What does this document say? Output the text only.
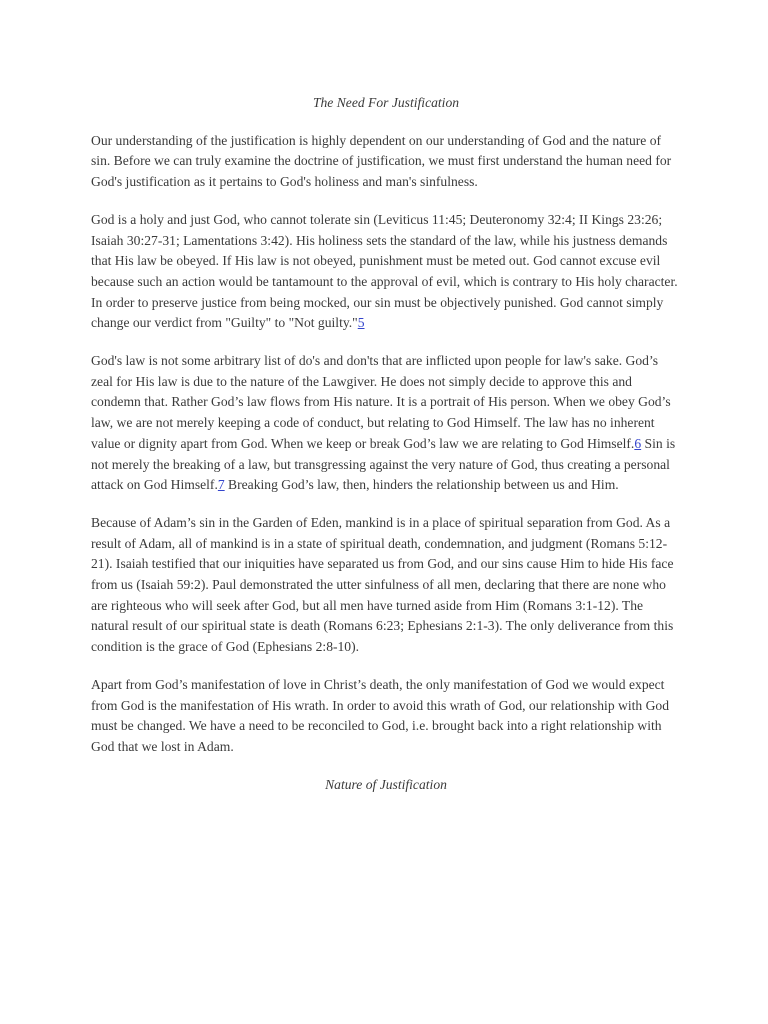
The Need For Justification

Our understanding of the justification is highly dependent on our understanding of God and the nature of sin. Before we can truly examine the doctrine of justification, we must first understand the human need for God's justification as it pertains to God's holiness and man's sinfulness.

God is a holy and just God, who cannot tolerate sin (Leviticus 11:45; Deuteronomy 32:4; II Kings 23:26; Isaiah 30:27-31; Lamentations 3:42). His holiness sets the standard of the law, while his justness demands that His law be obeyed. If His law is not obeyed, punishment must be meted out. God cannot excuse evil because such an action would be tantamount to the approval of evil, which is contrary to His holy character. In order to preserve justice from being mocked, our sin must be objectively punished. God cannot simply change our verdict from "Guilty" to "Not guilty."5

God's law is not some arbitrary list of do's and don'ts that are inflicted upon people for law's sake. God’s zeal for His law is due to the nature of the Lawgiver. He does not simply decide to approve this and condemn that. Rather God’s law flows from His nature. It is a portrait of His person. When we obey God’s law, we are not merely keeping a code of conduct, but relating to God Himself. The law has no inherent value or dignity apart from God. When we keep or break God’s law we are relating to God Himself.6 Sin is not merely the breaking of a law, but transgressing against the very nature of God, thus creating a personal attack on God Himself.7 Breaking God’s law, then, hinders the relationship between us and Him.

Because of Adam’s sin in the Garden of Eden, mankind is in a place of spiritual separation from God. As a result of Adam, all of mankind is in a state of spiritual death, condemnation, and judgment (Romans 5:12-21). Isaiah testified that our iniquities have separated us from God, and our sins cause Him to hide His face from us (Isaiah 59:2). Paul demonstrated the utter sinfulness of all men, declaring that there are none who are righteous who will seek after God, but all men have turned aside from Him (Romans 3:1-12). The natural result of our spiritual state is death (Romans 6:23; Ephesians 2:1-3). The only deliverance from this condition is the grace of God (Ephesians 2:8-10).

Apart from God’s manifestation of love in Christ’s death, the only manifestation of God we would expect from God is the manifestation of His wrath. In order to avoid this wrath of God, our relationship with God must be changed. We have a need to be reconciled to God, i.e. brought back into a right relationship with God that we lost in Adam.

Nature of Justification
